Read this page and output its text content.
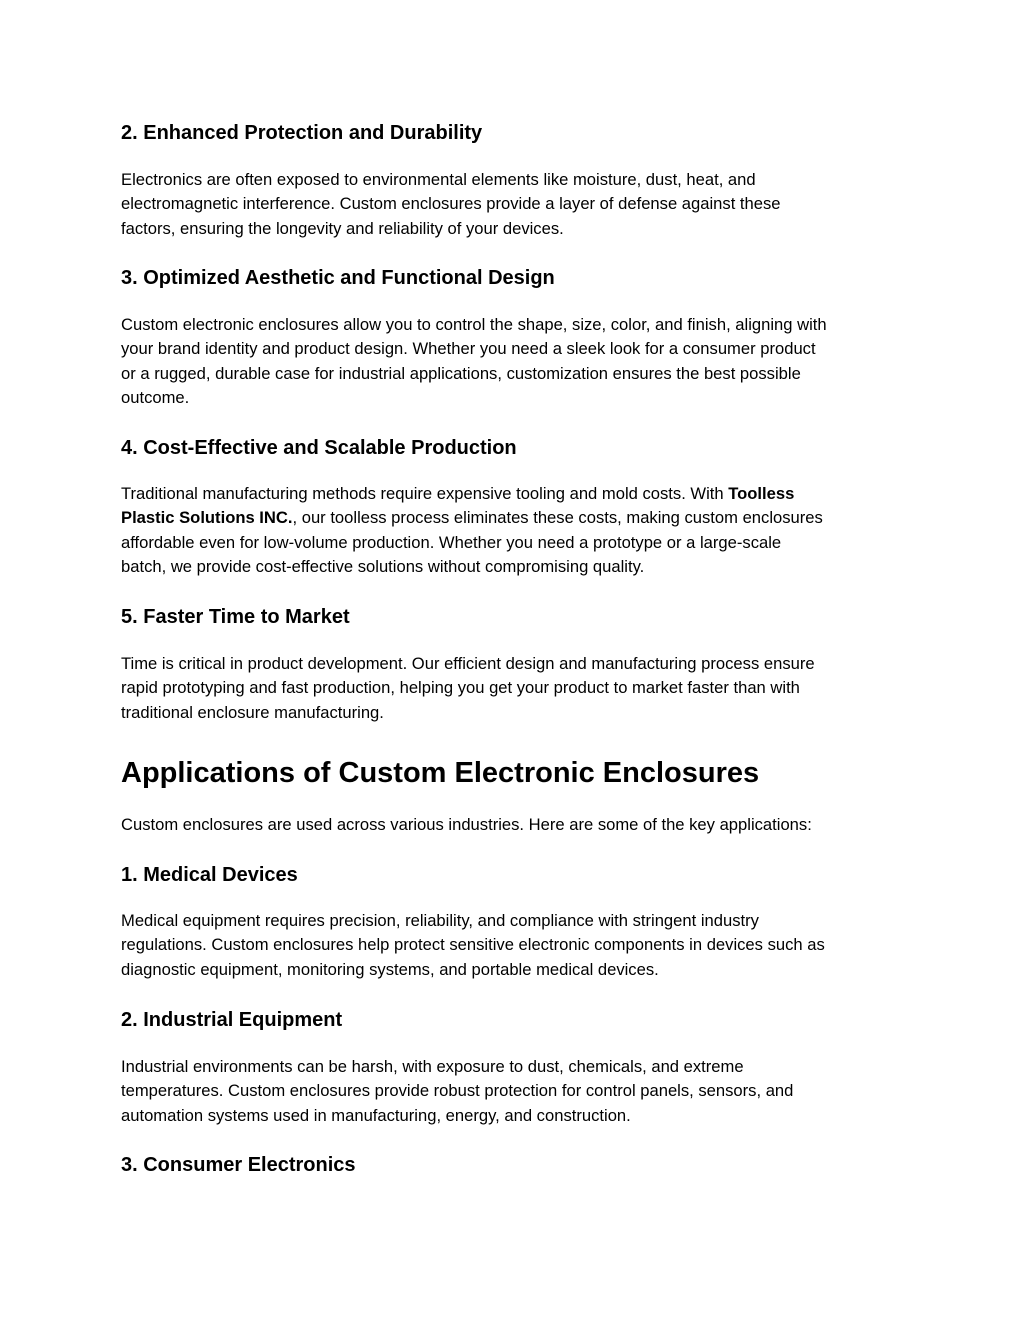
2. Enhanced Protection and Durability

Electronics are often exposed to environmental elements like moisture, dust, heat, and
electromagnetic interference. Custom enclosures provide a layer of defense against these
factors, ensuring the longevity and reliability of your devices.

3. Optimized Aesthetic and Functional Design

Custom electronic enclosures allow you to control the shape, size, color, and finish, aligning with
your brand identity and product design. Whether you need a sleek look for a consumer product
or a rugged, durable case for industrial applications, customization ensures the best possible
outcome.

4. Cost-Effective and Scalable Production

Traditional manufacturing methods require expensive tooling and mold costs. With Toolless
Plastic Solutions INC., our toolless process eliminates these costs, making custom enclosures
affordable even for low-volume production. Whether you need a prototype or a large-scale
batch, we provide cost-effective solutions without compromising quality.

5. Faster Time to Market

Time is critical in product development. Our efficient design and manufacturing process ensure
rapid prototyping and fast production, helping you get your product to market faster than with
traditional enclosure manufacturing.

Applications of Custom Electronic Enclosures

Custom enclosures are used across various industries. Here are some of the key applications:

1. Medical Devices

Medical equipment requires precision, reliability, and compliance with stringent industry
regulations. Custom enclosures help protect sensitive electronic components in devices such as
diagnostic equipment, monitoring systems, and portable medical devices.

2. Industrial Equipment

Industrial environments can be harsh, with exposure to dust, chemicals, and extreme
temperatures. Custom enclosures provide robust protection for control panels, sensors, and
automation systems used in manufacturing, energy, and construction.

3. Consumer Electronics
